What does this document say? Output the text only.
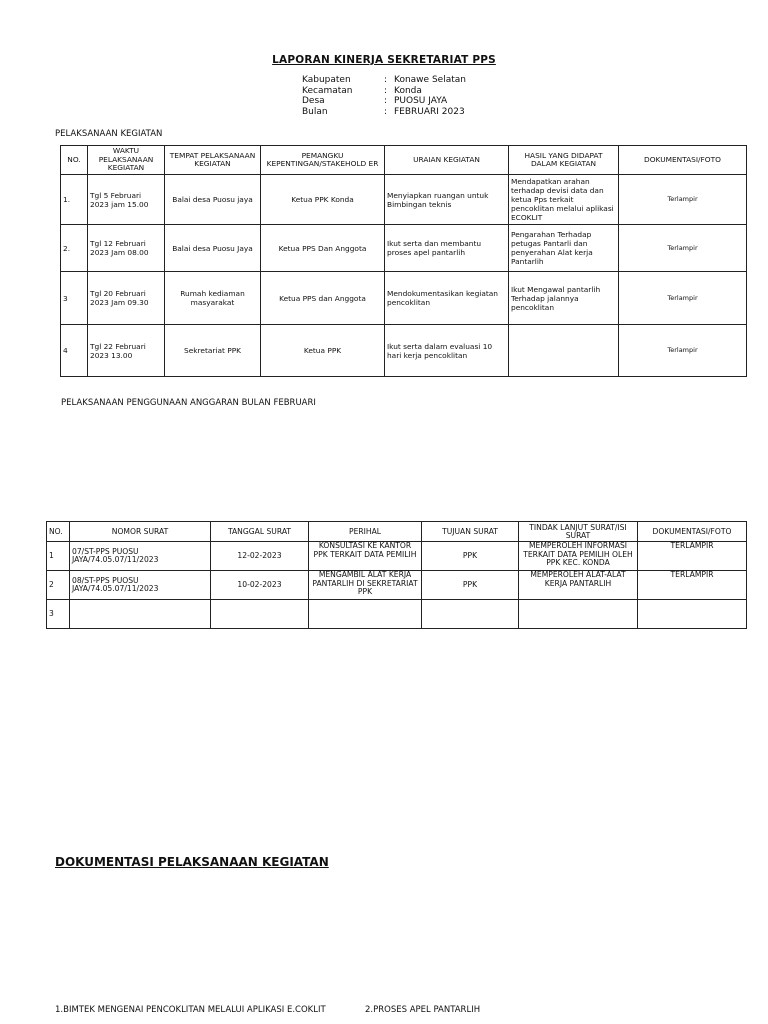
LAPORAN KINERJA SEKRETARIAT PPS
Kabupaten	: Konawe Selatan
Kecamatan	: Konda
Desa	: PUOSU JAYA
Bulan	: FEBRUARI 2023
PELAKSANAAN KEGIATAN
NO.	WAKTU PELAKSANAAN KEGIATAN	TEMPAT PELAKSANAAN KEGIATAN	PEMANGKU KEPENTINGAN/STAKEHOLD ER	URAIAN KEGIATAN	HASIL YANG DIDAPAT DALAM KEGIATAN	DOKUMENTASI/FOTO
1.	Tgl 5 Februari 2023 jam 15.00	Balai desa Puosu jaya	Ketua PPK Konda	Menyiapkan ruangan untuk Bimbingan teknis	Mendapatkan arahan terhadap devisi data dan ketua Pps terkait pencoklitan melalui aplikasi ECOKLIT	Terlampir
2.	Tgl 12 Februari 2023 Jam 08.00	Balai desa Puosu Jaya	Ketua PPS Dan Anggota	Ikut serta dan membantu proses apel pantarlih	Pengarahan Terhadap petugas Pantarli dan penyerahan Alat kerja Pantarlih	Terlampir
3	Tgl 20 Februari 2023 Jam 09.30	Rumah kediaman masyarakat	Ketua PPS dan Anggota	Mendokumentasikan kegiatan pencoklitan	Ikut Mengawal pantarlih Terhadap jalannya pencoklitan	Terlampir
4	Tgl 22 Februari 2023 13.00	Sekretariat PPK	Ketua PPK	Ikut serta dalam evaluasi 10 hari kerja pencoklitan		Terlampir
PELAKSANAAN PENGGUNAAN ANGGARAN BULAN FEBRUARI
NO.	NOMOR SURAT	TANGGAL SURAT	PERIHAL	TUJUAN SURAT	TINDAK LANJUT SURAT/ISI SURAT	DOKUMENTASI/FOTO
1	07/ST-PPS PUOSU JAYA/74.05.07/11/2023	12-02-2023	KONSULTASI KE KANTOR PPK TERKAIT DATA PEMILIH	PPK	MEMPEROLEH INFORMASI TERKAIT DATA PEMILIH OLEH PPK KEC. KONDA	TERLAMPIR
2	08/ST-PPS PUOSU JAYA/74.05.07/11/2023	10-02-2023	MENGAMBIL ALAT KERJA PANTARLIH DI SEKRETARIAT PPK	PPK	MEMPEROLEH ALAT-ALAT KERJA PANTARLIH	TERLAMPIR
3						
DOKUMENTASI PELAKSANAAN KEGIATAN
1.BIMTEK MENGENAI PENCOKLITAN MELALUI APLIKASI E.COKLIT	2.PROSES APEL PANTARLIH
